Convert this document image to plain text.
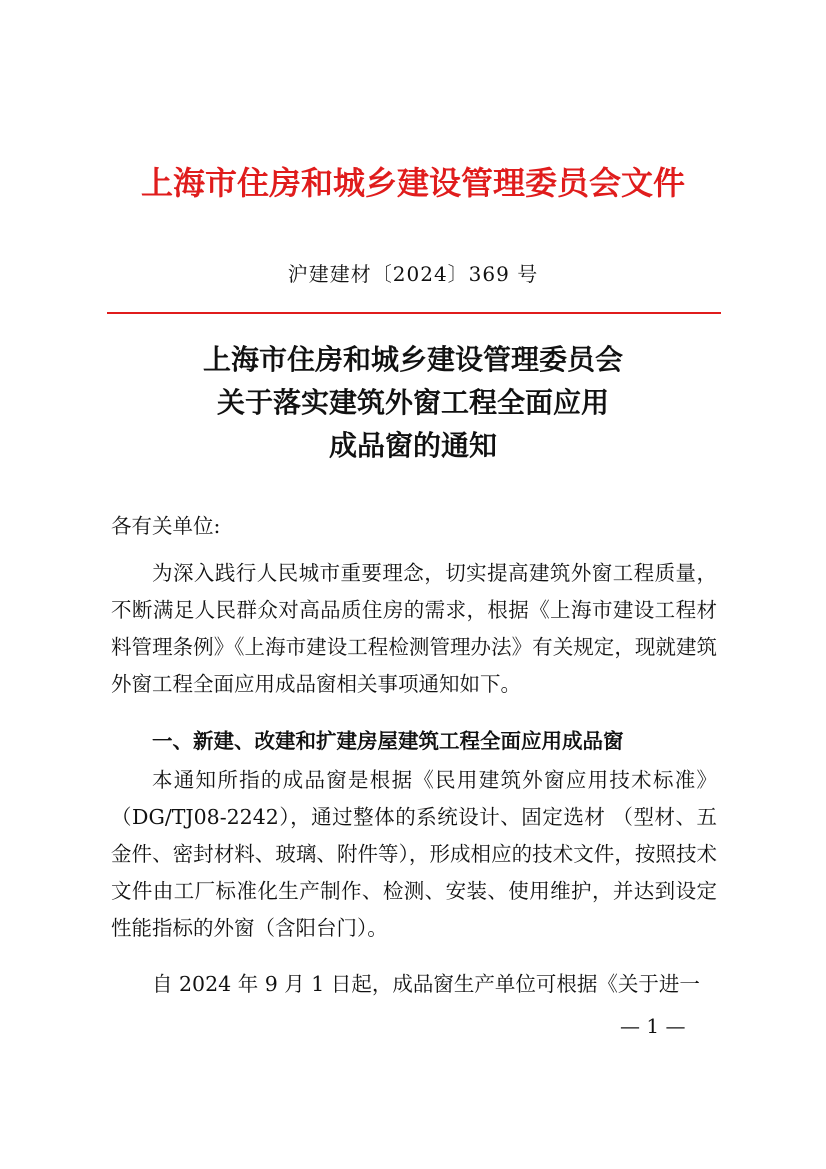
上海市住房和城乡建设管理委员会文件
沪建建材〔2024〕369 号
上海市住房和城乡建设管理委员会
关于落实建筑外窗工程全面应用
成品窗的通知
各有关单位:
为深入践行人民城市重要理念，切实提高建筑外窗工程质量，不断满足人民群众对高品质住房的需求，根据《上海市建设工程材料管理条例》《上海市建设工程检测管理办法》有关规定，现就建筑外窗工程全面应用成品窗相关事项通知如下。
一、新建、改建和扩建房屋建筑工程全面应用成品窗
本通知所指的成品窗是根据《民用建筑外窗应用技术标准》（DG/TJ08-2242），通过整体的系统设计、固定选材 （型材、五金件、密封材料、玻璃、附件等），形成相应的技术文件，按照技术文件由工厂标准化生产制作、检测、安装、使用维护，并达到设定性能指标的外窗（含阳台门）。
自 2024 年 9 月 1 日起，成品窗生产单位可根据《关于进一
— 1 —
